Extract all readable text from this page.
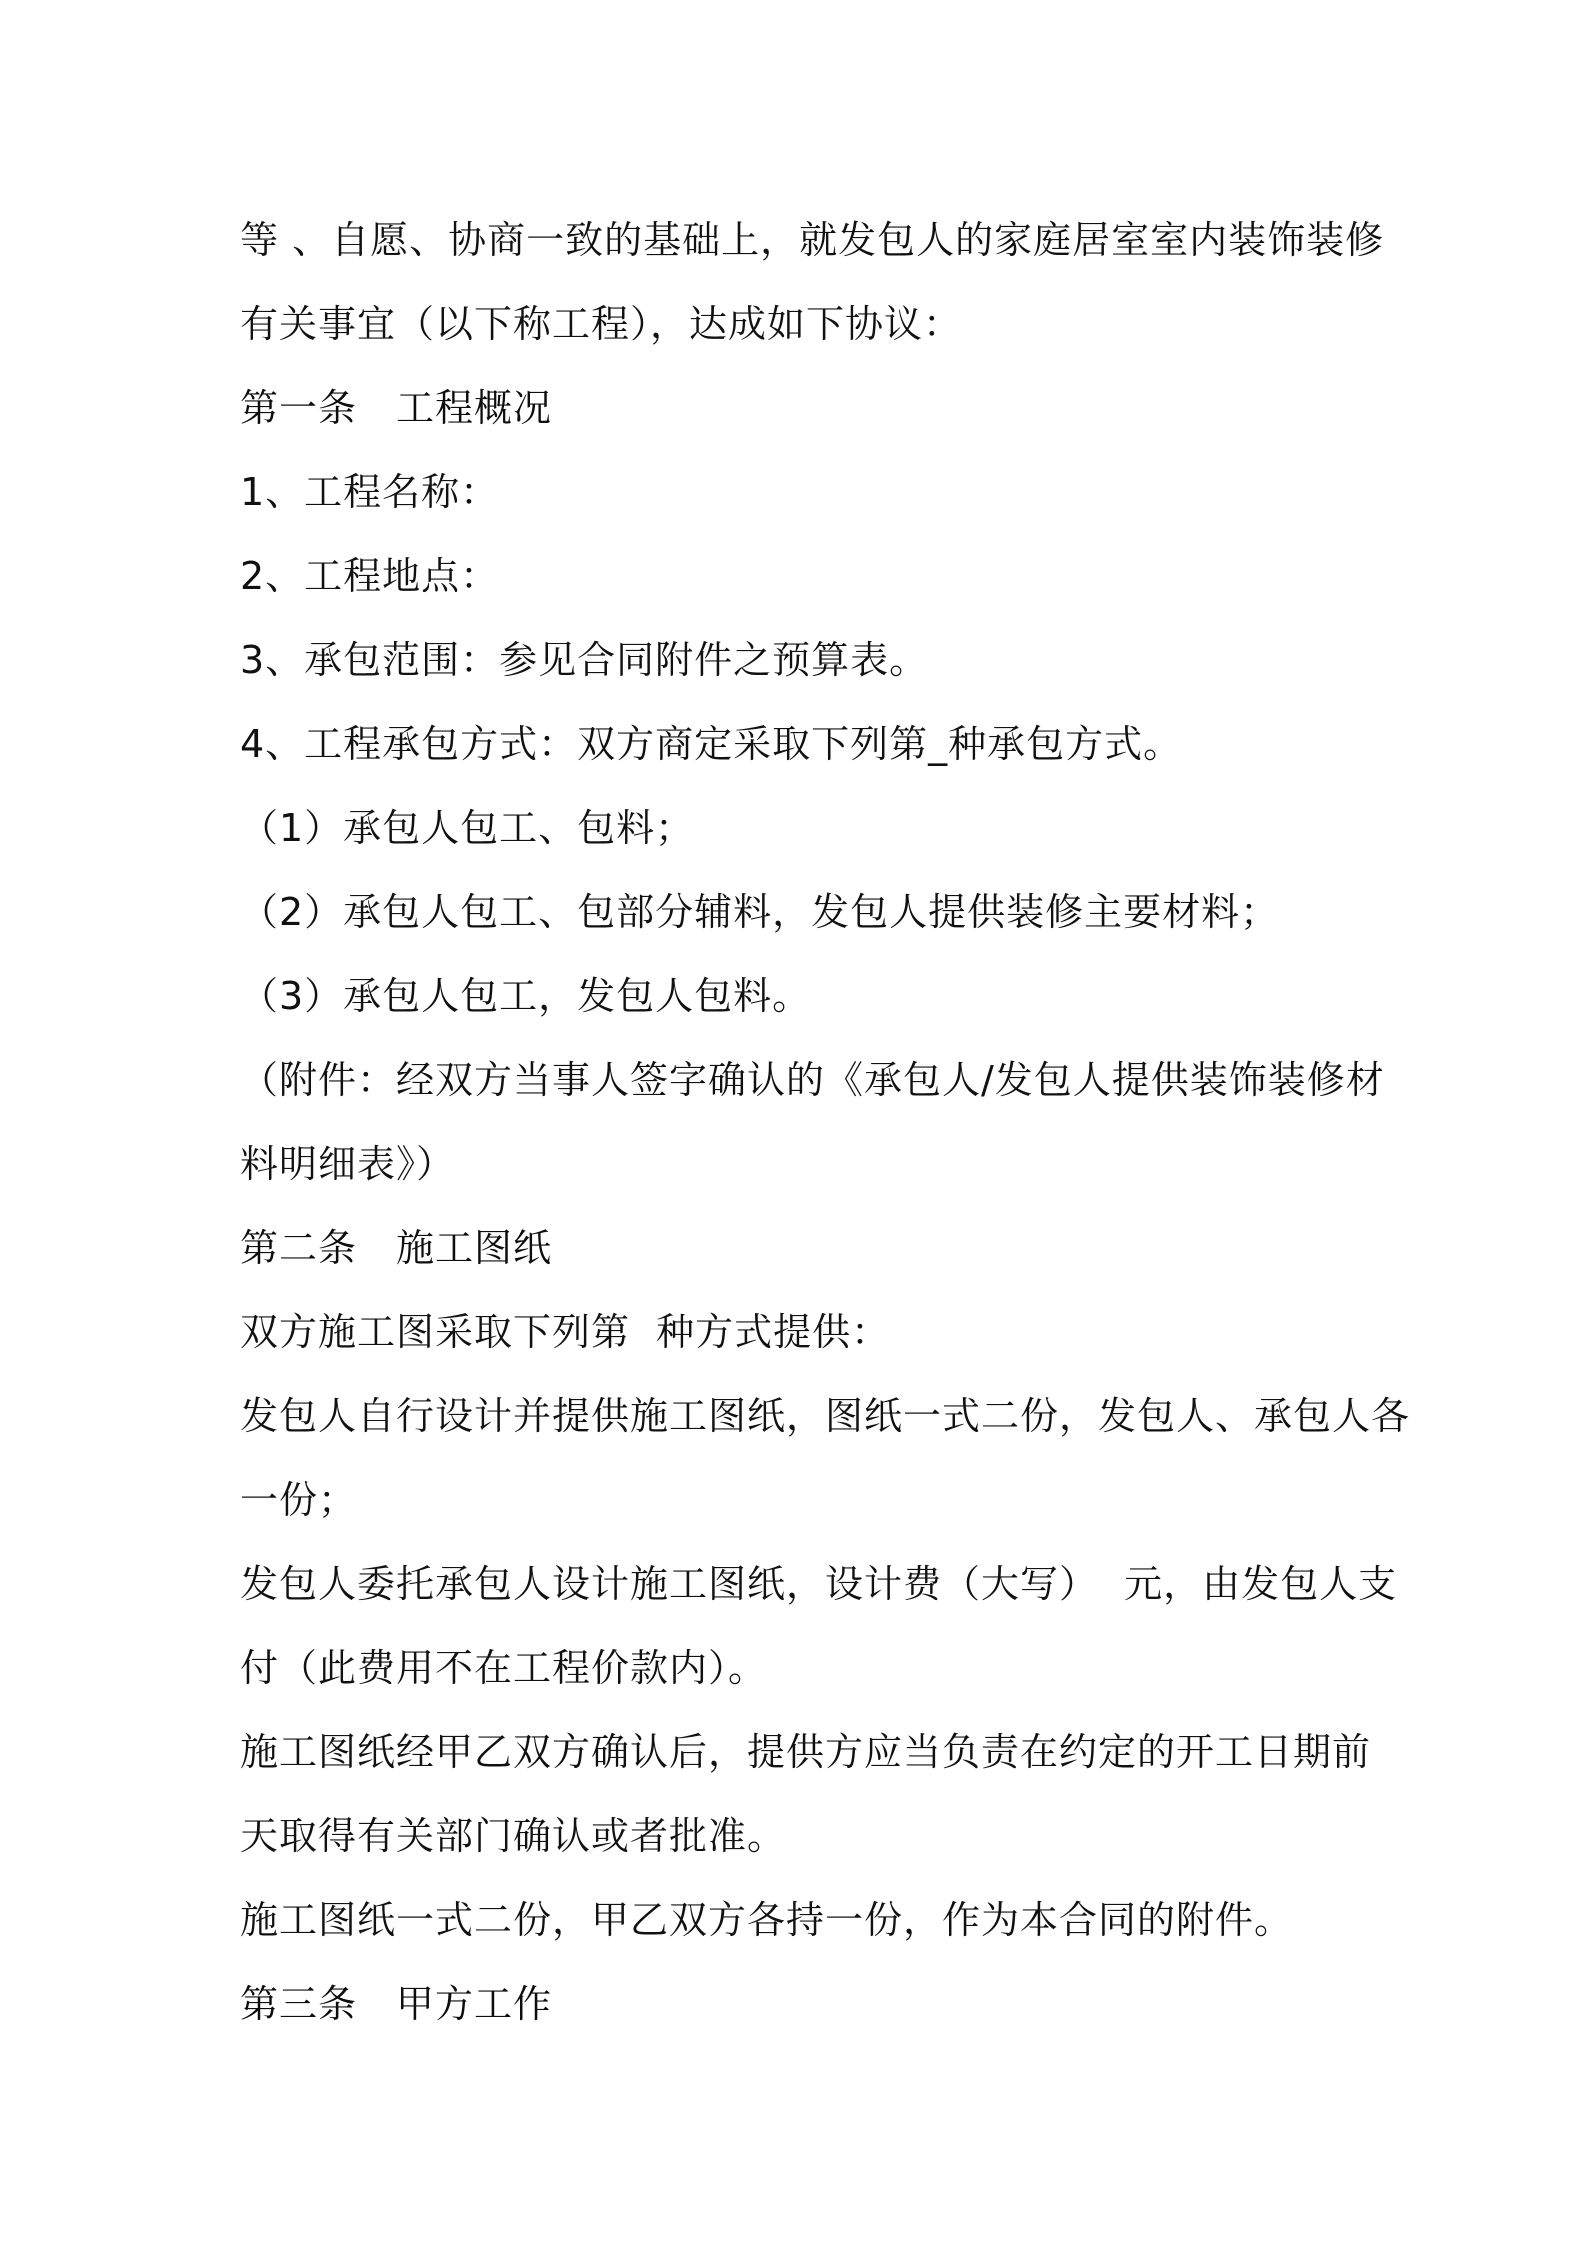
等 、自愿、协商一致的基础上，就发包人的家庭居室室内装饰装修
有关事宜（以下称工程），达成如下协议：
第一条　工程概况
1、工程名称：
2、工程地点：
3、承包范围：参见合同附件之预算表。
4、工程承包方式：双方商定采取下列第_种承包方式。
（1）承包人包工、包料；
（2）承包人包工、包部分辅料，发包人提供装修主要材料；
（3）承包人包工，发包人包料。
（附件：经双方当事人签字确认的《承包人/发包人提供装饰装修材
料明细表》）
第二条　施工图纸
双方施工图采取下列第  种方式提供：
发包人自行设计并提供施工图纸，图纸一式二份，发包人、承包人各
一份；
发包人委托承包人设计施工图纸，设计费（大写）  元，由发包人支
付（此费用不在工程价款内）。
施工图纸经甲乙双方确认后，提供方应当负责在约定的开工日期前
天取得有关部门确认或者批准。
施工图纸一式二份，甲乙双方各持一份，作为本合同的附件。
第三条　甲方工作
